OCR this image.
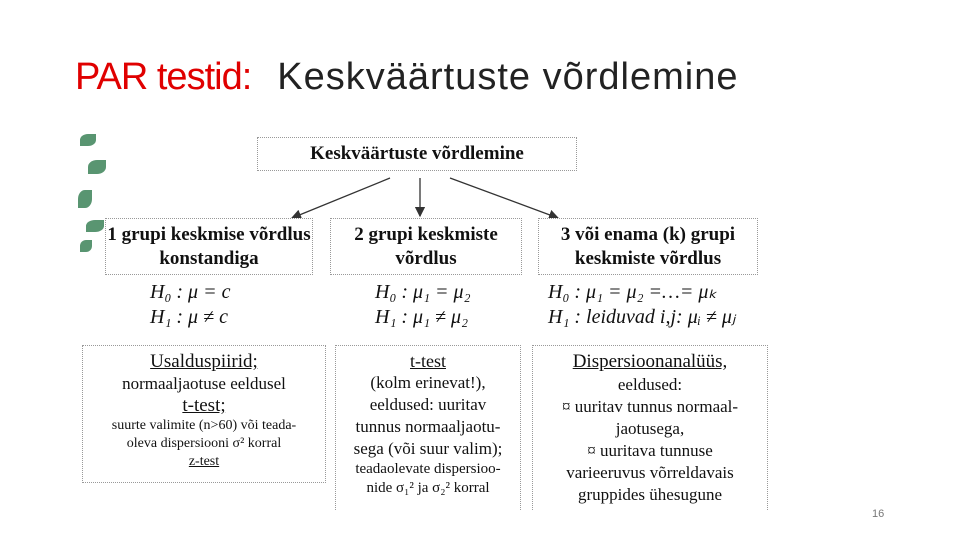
PAR testid: Keskväärtuste võrdlemine
Keskväärtuste võrdlemine
1 grupi keskmise võrdlus konstandiga
2 grupi keskmiste võrdlus
3 või enama (k) grupi keskmiste võrdlus
H₀ : μ = c
H₁ : μ ≠ c
H₀ : μ₁ = μ₂
H₁ : μ₁ ≠ μ₂
H₀ : μ₁ = μ₂ =…= μₖ
H₁ : leiduvad i,j: μᵢ ≠ μⱼ
Usalduspiirid;
normaaljaotuse eeldusel
t-test;
suurte valimite (n>60) või teada-
oleva dispersiooni σ² korral
z-test
t-test
(kolm erinevat!),
eeldused: uuritav
tunnus normaaljaotu-
sega (või suur valim);
teadaolevate dispersioo-
nide σ₁² ja σ₂² korral
Dispersioonanalüüs,
eeldused:
¤ uuritav tunnus normaal-
jaotusega,
¤ uuritava tunnuse
varieeruvus võrreldavais
gruppides ühesugune
16
